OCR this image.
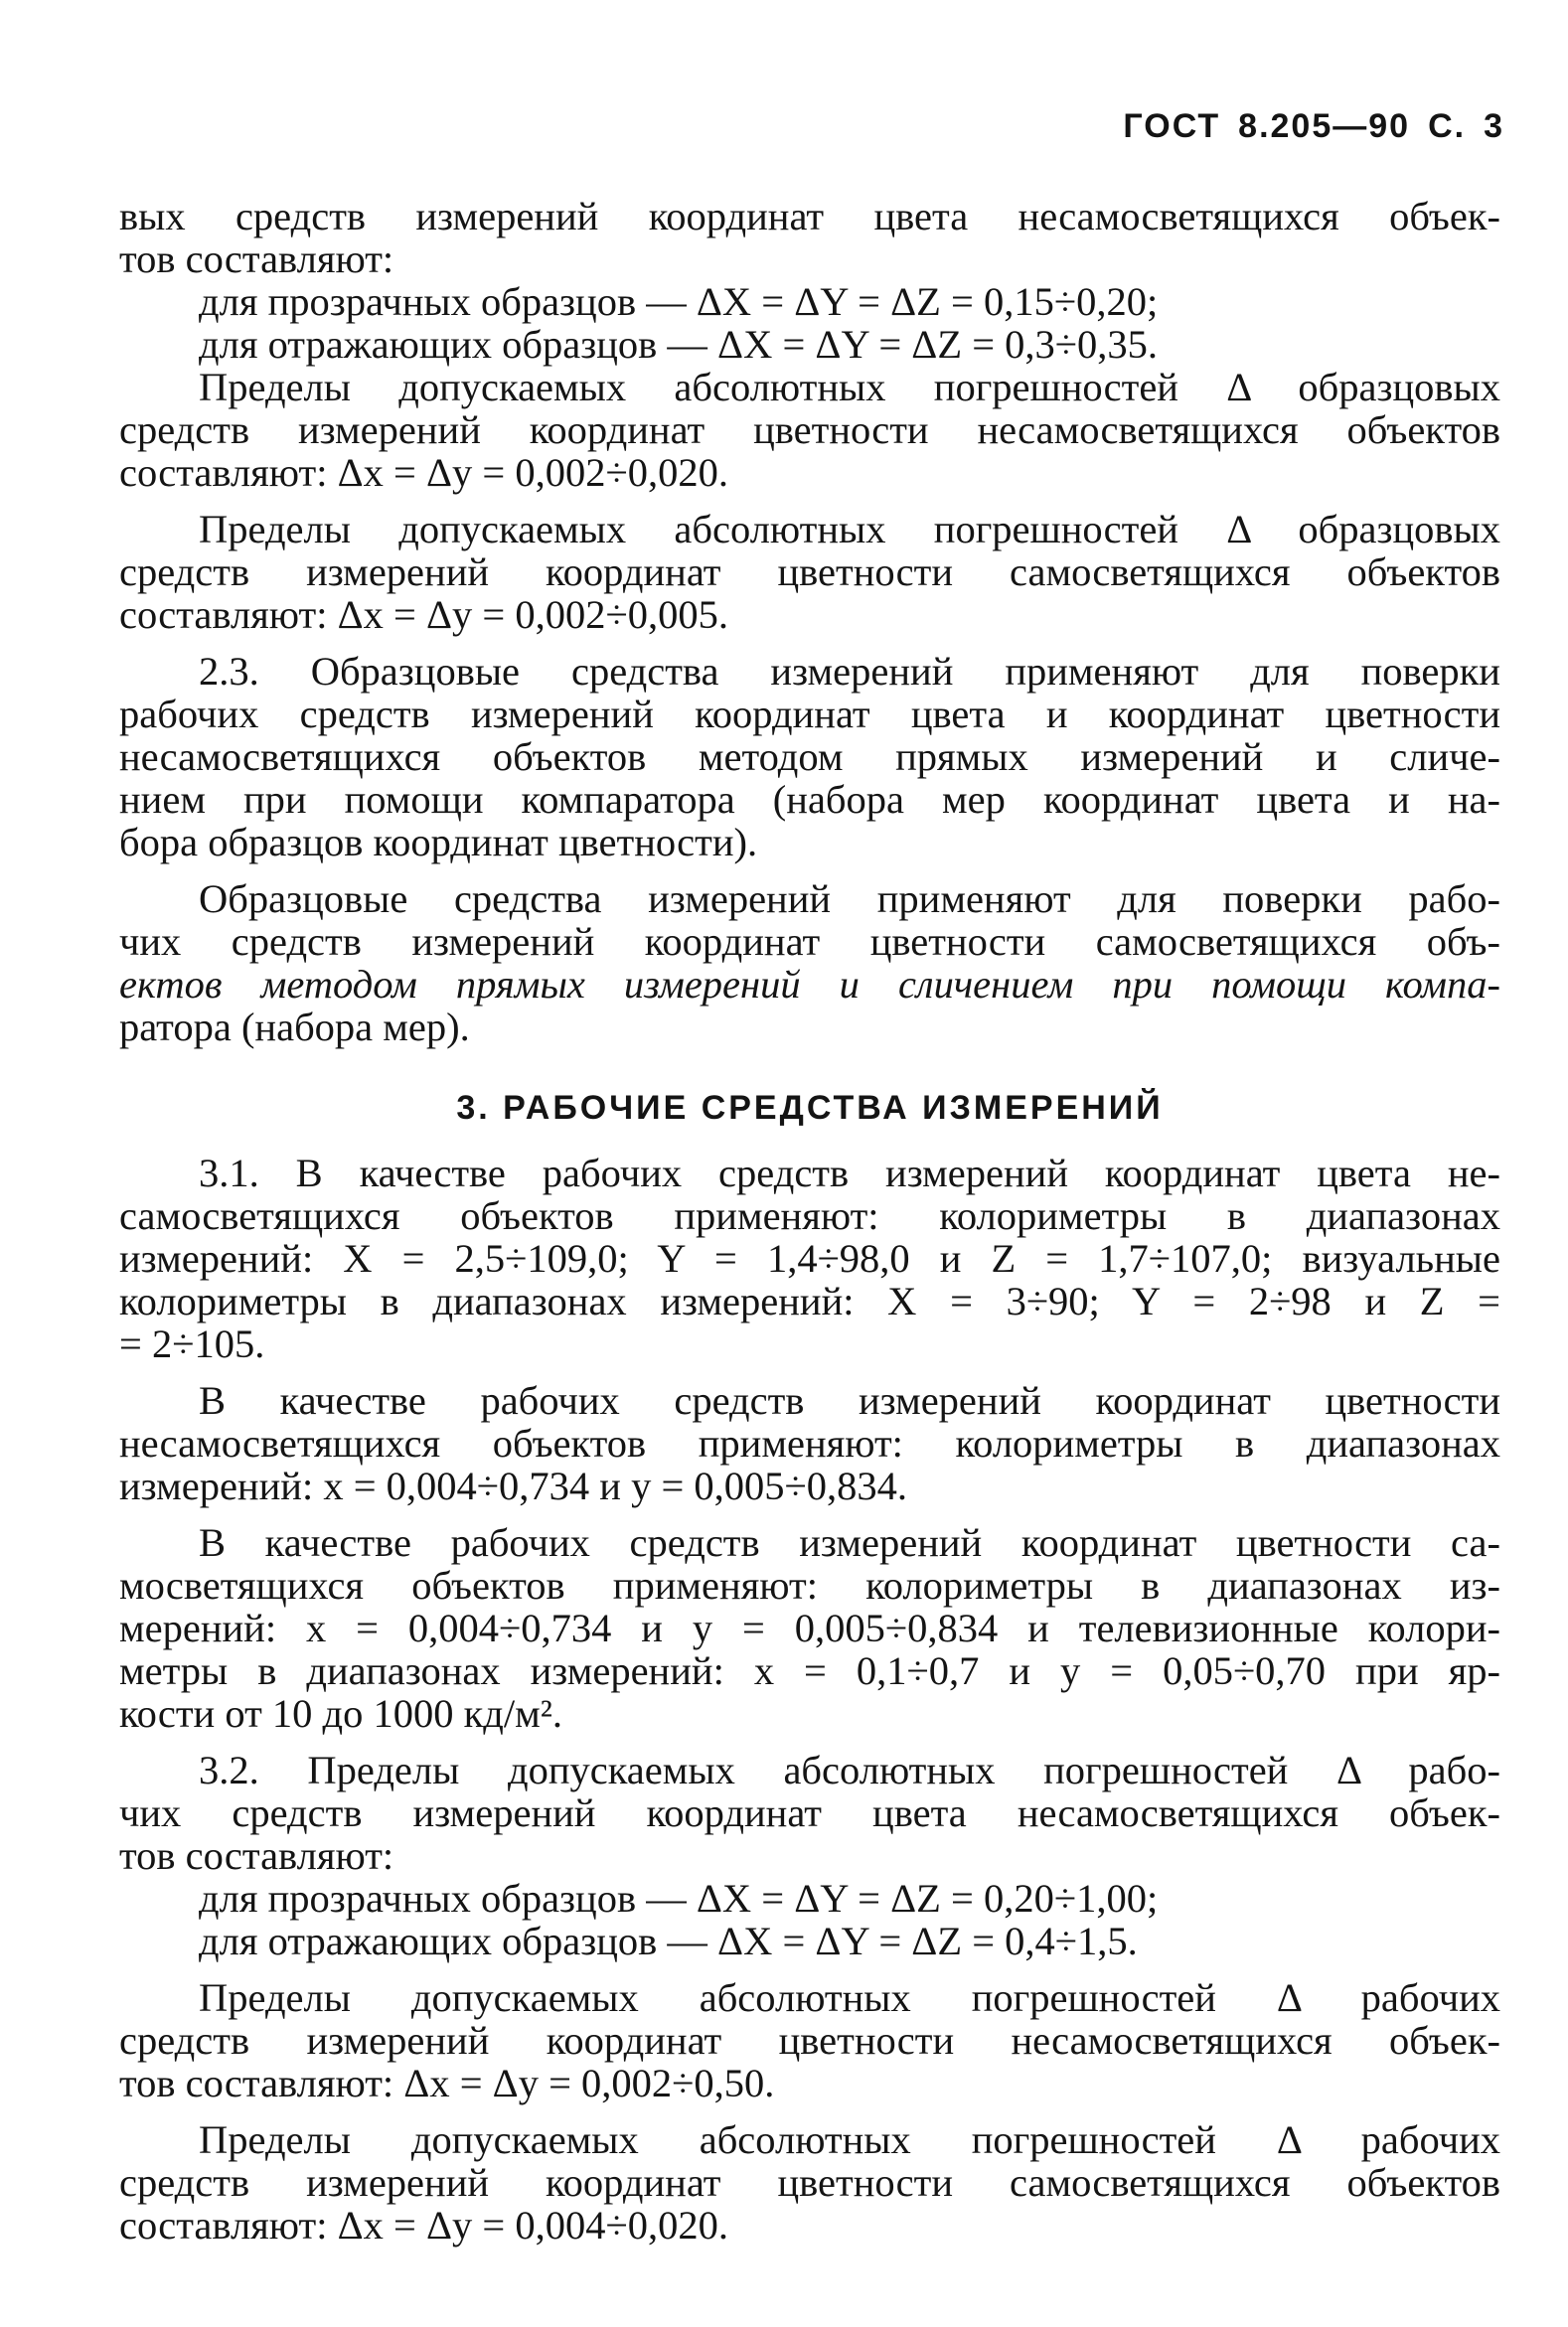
ГОСТ 8.205—90 С. 3
вых средств измерений координат цвета несамосветящихся объек-
тов составляют:
для прозрачных образцов — ΔX = ΔY = ΔZ = 0,15÷0,20;
для отражающих образцов — ΔX = ΔY = ΔZ = 0,3÷0,35.
Пределы допускаемых абсолютных погрешностей Δ образцовых
средств измерений координат цветности несамосветящихся объектов
составляют: Δx = Δy = 0,002÷0,020.
Пределы допускаемых абсолютных погрешностей Δ образцовых
средств измерений координат цветности самосветящихся объектов
составляют: Δx = Δy = 0,002÷0,005.
2.3. Образцовые средства измерений применяют для поверки
рабочих средств измерений координат цвета и координат цветности
несамосветящихся объектов методом прямых измерений и сличе-
нием при помощи компаратора (набора мер координат цвета и на-
бора образцов координат цветности).
Образцовые средства измерений применяют для поверки рабо-
чих средств измерений координат цветности самосветящихся объ-
ектов методом прямых измерений и сличением при помощи компа-
ратора (набора мер).
3. РАБОЧИЕ СРЕДСТВА ИЗМЕРЕНИЙ
3.1. В качестве рабочих средств измерений координат цвета не-
самосветящихся объектов применяют: колориметры в диапазонах
измерений: X = 2,5÷109,0; Y = 1,4÷98,0 и Z = 1,7÷107,0; визуальные
колориметры в диапазонах измерений: X = 3÷90; Y = 2÷98 и Z =
= 2÷105.
В качестве рабочих средств измерений координат цветности
несамосветящихся объектов применяют: колориметры в диапазонах
измерений: x = 0,004÷0,734 и y = 0,005÷0,834.
В качестве рабочих средств измерений координат цветности са-
мосветящихся объектов применяют: колориметры в диапазонах из-
мерений: x = 0,004÷0,734 и y = 0,005÷0,834 и телевизионные колори-
метры в диапазонах измерений: x = 0,1÷0,7 и y = 0,05÷0,70 при яр-
кости от 10 до 1000 кд/м².
3.2. Пределы допускаемых абсолютных погрешностей Δ рабо-
чих средств измерений координат цвета несамосветящихся объек-
тов составляют:
для прозрачных образцов — ΔX = ΔY = ΔZ = 0,20÷1,00;
для отражающих образцов — ΔX = ΔY = ΔZ = 0,4÷1,5.
Пределы допускаемых абсолютных погрешностей Δ рабочих
средств измерений координат цветности несамосветящихся объек-
тов составляют: Δx = Δy = 0,002÷0,50.
Пределы допускаемых абсолютных погрешностей Δ рабочих
средств измерений координат цветности самосветящихся объектов
составляют: Δx = Δy = 0,004÷0,020.
